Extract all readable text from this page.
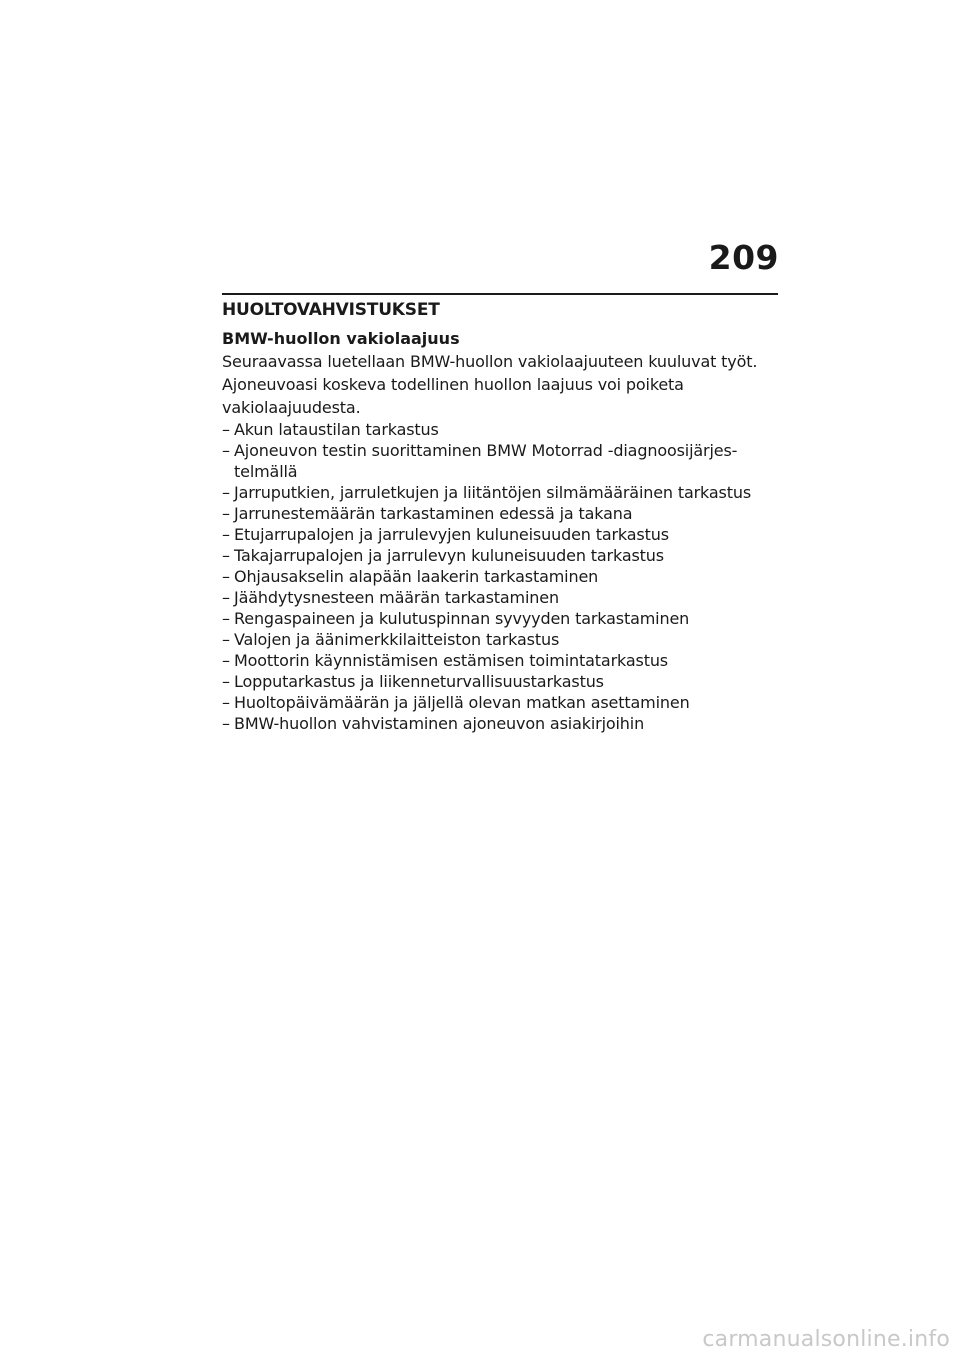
209
HUOLTOVAHVISTUKSET
BMW-huollon vakiolaajuus

Seuraavassa luetellaan BMW-huollon vakiolaajuuteen kuuluvat työt. Ajoneuvoasi koskeva todellinen huollon laajuus voi poiketa vakiolaajuudesta.

– Akun lataustilan tarkastus
– Ajoneuvon testin suorittaminen BMW Motorrad -diagnoosijärjestelmällä
– Jarruputkien, jarruletkujen ja liitäntöjen silmämääräinen tarkastus
– Jarrunestemäärän tarkastaminen edessä ja takana
– Etujarrupalojen ja jarrulevyjen kuluneisuuden tarkastus
– Takajarrupalojen ja jarrulevyn kuluneisuuden tarkastus
– Ohjausakselin alapään laakerin tarkastaminen
– Jäähdytysnesteen määrän tarkastaminen
– Rengaspaineen ja kulutuspinnan syvyyden tarkastaminen
– Valojen ja äänimerkkilaitteiston tarkastus
– Moottorin käynnistämisen estämisen toimintatarkastus
– Lopputarkastus ja liikenneturvallisuustarkastus
– Huoltopäivämäärän ja jäljellä olevan matkan asettaminen
– BMW-huollon vahvistaminen ajoneuvon asiakirjoihin
carmanualsonline.info
